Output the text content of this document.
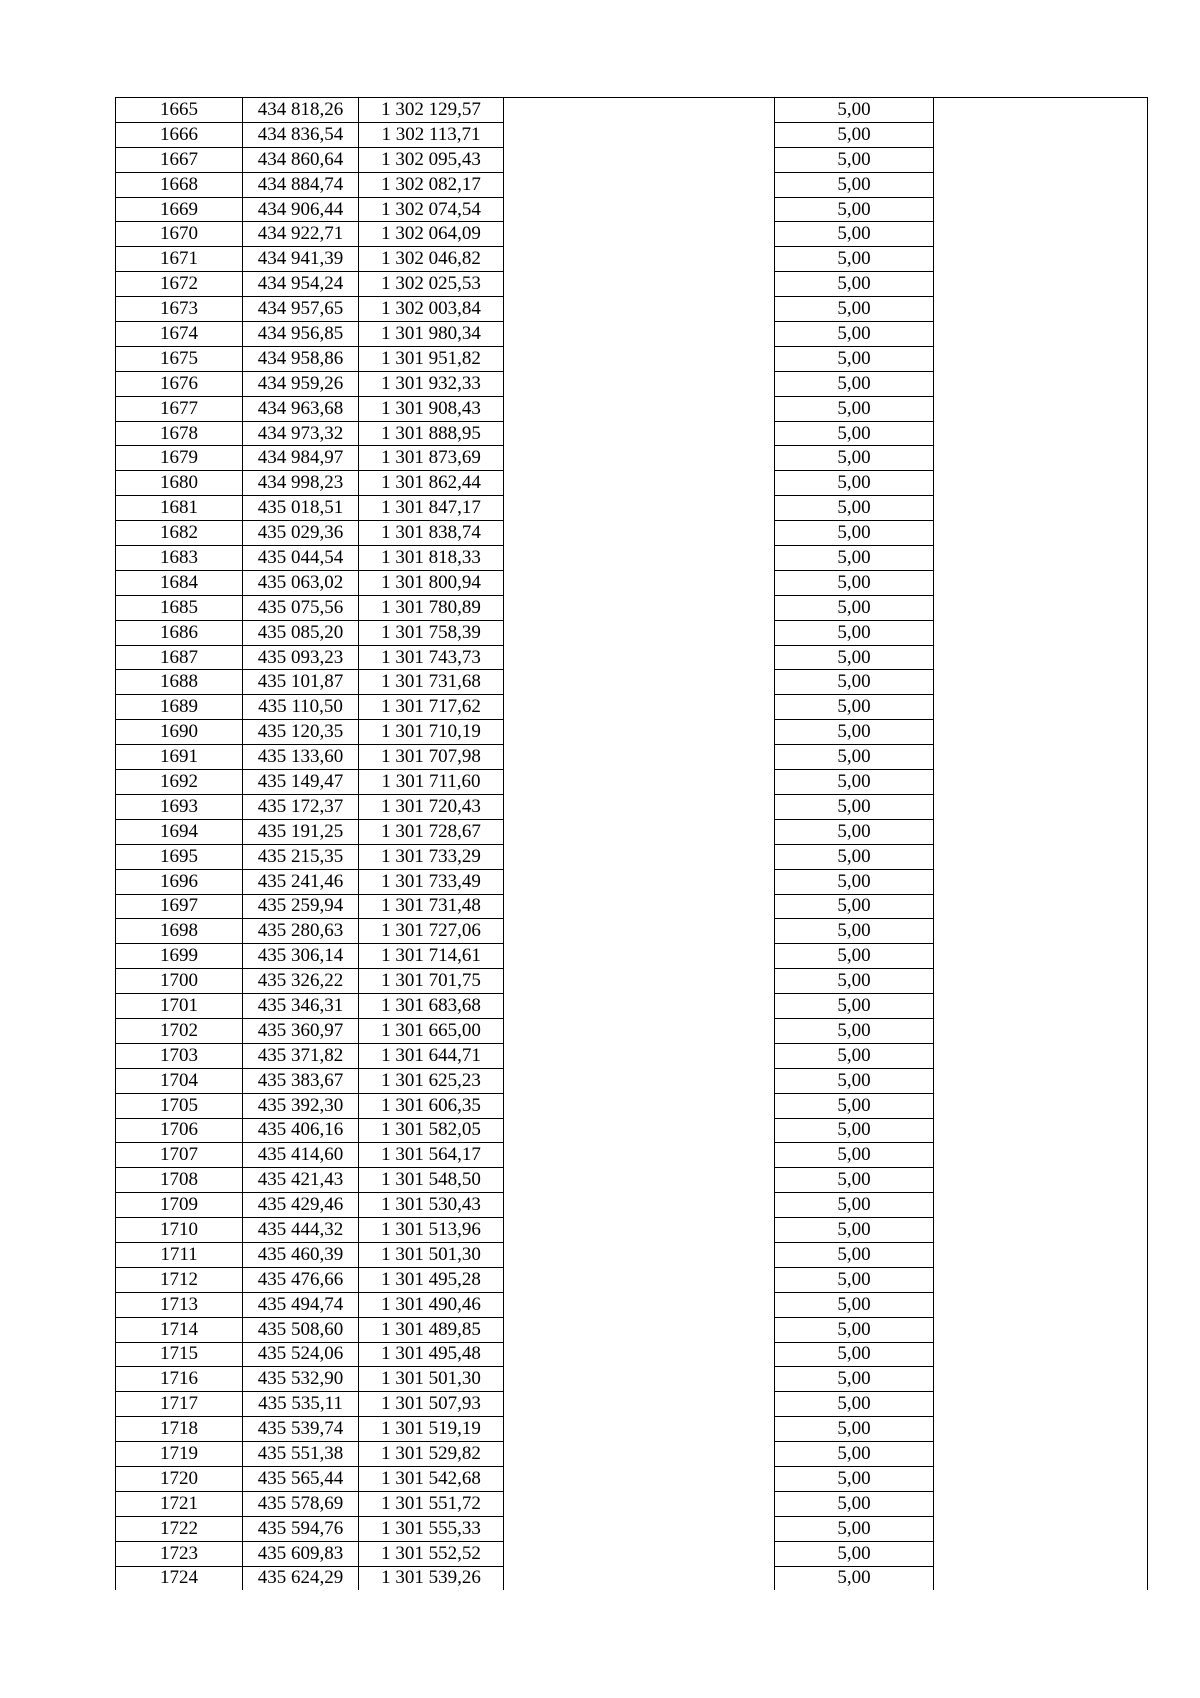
1665	434 818,26	1 302 129,57		5,00	
1666	434 836,54	1 302 113,71		5,00	
1667	434 860,64	1 302 095,43		5,00	
1668	434 884,74	1 302 082,17		5,00	
1669	434 906,44	1 302 074,54		5,00	
1670	434 922,71	1 302 064,09		5,00	
1671	434 941,39	1 302 046,82		5,00	
1672	434 954,24	1 302 025,53		5,00	
1673	434 957,65	1 302 003,84		5,00	
1674	434 956,85	1 301 980,34		5,00	
1675	434 958,86	1 301 951,82		5,00	
1676	434 959,26	1 301 932,33		5,00	
1677	434 963,68	1 301 908,43		5,00	
1678	434 973,32	1 301 888,95		5,00	
1679	434 984,97	1 301 873,69		5,00	
1680	434 998,23	1 301 862,44		5,00	
1681	435 018,51	1 301 847,17		5,00	
1682	435 029,36	1 301 838,74		5,00	
1683	435 044,54	1 301 818,33		5,00	
1684	435 063,02	1 301 800,94		5,00	
1685	435 075,56	1 301 780,89		5,00	
1686	435 085,20	1 301 758,39		5,00	
1687	435 093,23	1 301 743,73		5,00	
1688	435 101,87	1 301 731,68		5,00	
1689	435 110,50	1 301 717,62		5,00	
1690	435 120,35	1 301 710,19		5,00	
1691	435 133,60	1 301 707,98		5,00	
1692	435 149,47	1 301 711,60		5,00	
1693	435 172,37	1 301 720,43		5,00	
1694	435 191,25	1 301 728,67		5,00	
1695	435 215,35	1 301 733,29		5,00	
1696	435 241,46	1 301 733,49		5,00	
1697	435 259,94	1 301 731,48		5,00	
1698	435 280,63	1 301 727,06		5,00	
1699	435 306,14	1 301 714,61		5,00	
1700	435 326,22	1 301 701,75		5,00	
1701	435 346,31	1 301 683,68		5,00	
1702	435 360,97	1 301 665,00		5,00	
1703	435 371,82	1 301 644,71		5,00	
1704	435 383,67	1 301 625,23		5,00	
1705	435 392,30	1 301 606,35		5,00	
1706	435 406,16	1 301 582,05		5,00	
1707	435 414,60	1 301 564,17		5,00	
1708	435 421,43	1 301 548,50		5,00	
1709	435 429,46	1 301 530,43		5,00	
1710	435 444,32	1 301 513,96		5,00	
1711	435 460,39	1 301 501,30		5,00	
1712	435 476,66	1 301 495,28		5,00	
1713	435 494,74	1 301 490,46		5,00	
1714	435 508,60	1 301 489,85		5,00	
1715	435 524,06	1 301 495,48		5,00	
1716	435 532,90	1 301 501,30		5,00	
1717	435 535,11	1 301 507,93		5,00	
1718	435 539,74	1 301 519,19		5,00	
1719	435 551,38	1 301 529,82		5,00	
1720	435 565,44	1 301 542,68		5,00	
1721	435 578,69	1 301 551,72		5,00	
1722	435 594,76	1 301 555,33		5,00	
1723	435 609,83	1 301 552,52		5,00	
1724	435 624,29	1 301 539,26		5,00	
